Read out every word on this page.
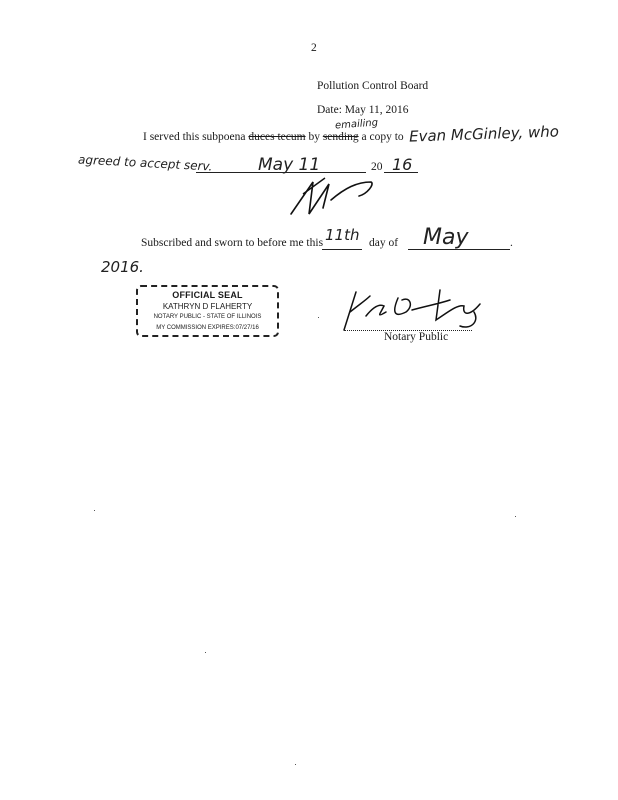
2
Pollution Control Board
Date: May 11, 2016
emailing
I served this subpoena duces tecum by sending a copy to Evan McGinley, who
agreed to accept serv.	May 11	20 16
Subscribed and sworn to before me this 11th day of May	.
2016.
OFFICIAL SEAL
KATHRYN D FLAHERTY
NOTARY PUBLIC - STATE OF ILLINOIS
MY COMMISSION EXPIRES:07/27/16
Notary Public
